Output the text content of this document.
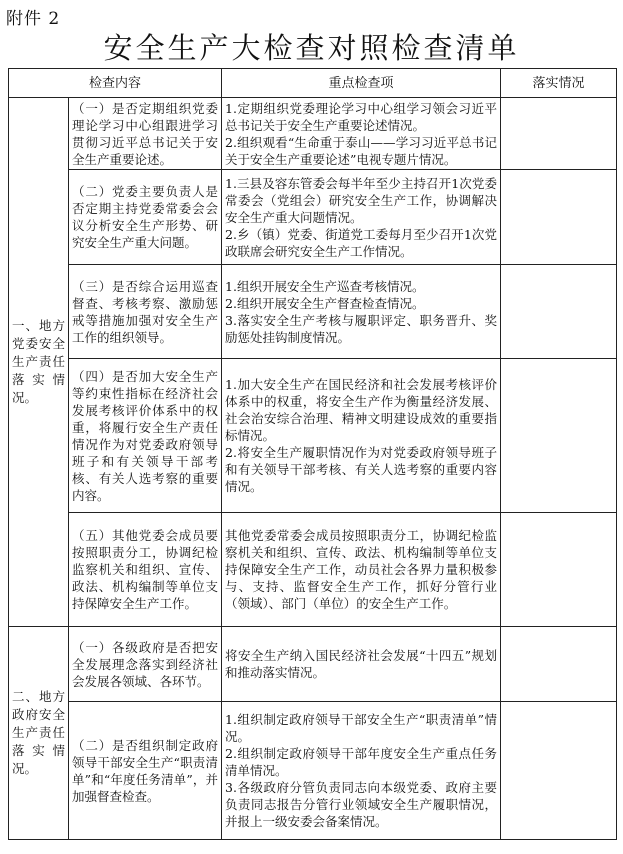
附件 2
安全生产大检查对照检查清单
检查内容		重点检查项	落实情况
一、地方党委安全生产责任落实情况。	（一）是否定期组织党委理论学习中心组跟进学习贯彻习近平总书记关于安全生产重要论述。	1.定期组织党委理论学习中心组学习领会习近平总书记关于安全生产重要论述情况。
2.组织观看“生命重于泰山——学习习近平总书记关于安全生产重要论述”电视专题片情况。	

	（二）党委主要负责人是否定期主持党委常委会会议分析安全生产形势、研究安全生产重大问题。	1.三县及容东管委会每半年至少主持召开1次党委常委会（党组会）研究安全生产工作，协调解决安全生产重大问题情况。
2.乡（镇）党委、街道党工委每月至少召开1次党政联席会研究安全生产工作情况。	

	（三）是否综合运用巡查督查、考核考察、激励惩戒等措施加强对安全生产工作的组织领导。	1.组织开展安全生产巡查考核情况。
2.组织开展安全生产督查检查情况。
3.落实安全生产考核与履职评定、职务晋升、奖励惩处挂钩制度情况。	

	（四）是否加大安全生产等约束性指标在经济社会发展考核评价体系中的权重，将履行安全生产责任情况作为对党委政府领导班子和有关领导干部考核、有关人选考察的重要内容。	1.加大安全生产在国民经济和社会发展考核评价体系中的权重，将安全生产作为衡量经济发展、社会治安综合治理、精神文明建设成效的重要指标情况。
2.将安全生产履职情况作为对党委政府领导班子和有关领导干部考核、有关人选考察的重要内容情况。	

	（五）其他党委会成员要按照职责分工，协调纪检监察机关和组织、宣传、政法、机构编制等单位支持保障安全生产工作。	其他党委常委会成员按照职责分工，协调纪检监察机关和组织、宣传、政法、机构编制等单位支持保障安全生产工作，动员社会各界力量积极参与、支持、监督安全生产工作，抓好分管行业（领域）、部门（单位）的安全生产工作。	

二、地方政府安全生产责任落实情况。	（一）各级政府是否把安全发展理念落实到经济社会发展各领域、各环节。	将安全生产纳入国民经济社会发展“十四五”规划和推动落实情况。	

	（二）是否组织制定政府领导干部安全生产“职责清单”和“年度任务清单”，并加强督查检查。	1.组织制定政府领导干部安全生产“职责清单”情况。
2.组织制定政府领导干部年度安全生产重点任务清单情况。
3.各级政府分管负责同志向本级党委、政府主要负责同志报告分管行业领域安全生产履职情况，并报上一级安委会备案情况。	
